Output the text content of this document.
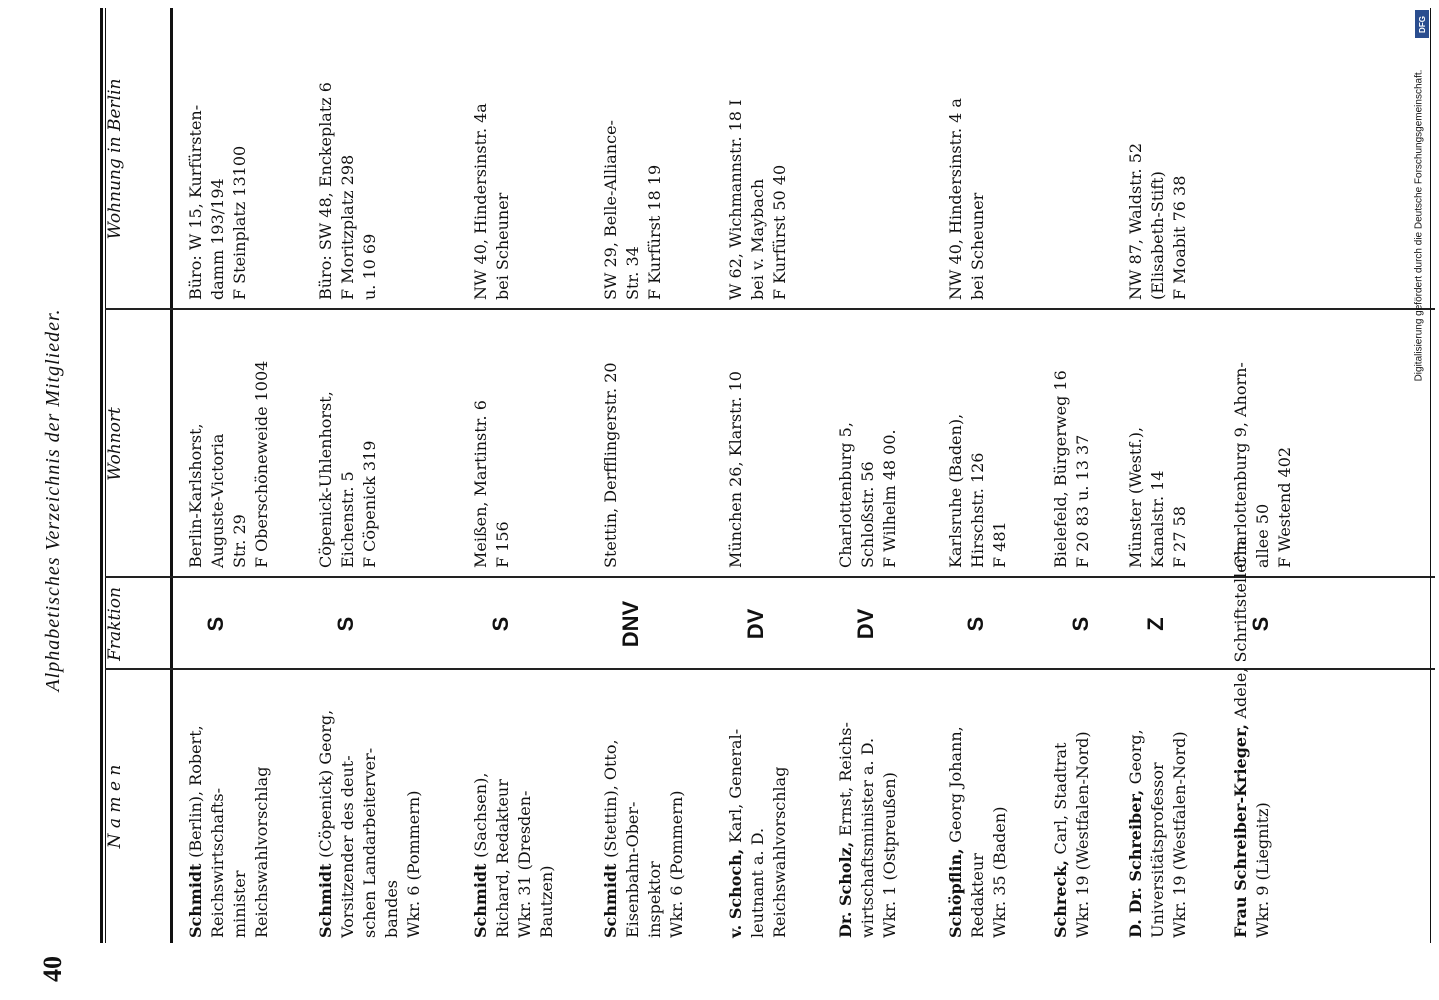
40
Alphabetisches Verzeichnis der Mitglieder.
N a m e n
Fraktion
Wohnort
Wohnung in Berlin
Schmidt (Berlin), Robert, Reichswirtschafts- minister Reichswahlvorschlag
S
Berlin-Karlshorst, Auguste-Victoria Str. 29 F Oberschöneweide 1004
Büro: W 15, Kurfürsten- damm 193/194 F Steinplatz 13100
Schmidt (Cöpenick) Georg, Vorsitzender des deut- schen Landarbeiterver- bandes Wkr. 6 (Pommern)
S
Cöpenick-Uhlenhorst, Eichenstr. 5 F Cöpenick 319
Büro: SW 48, Enckeplatz 6 F Moritzplatz 298 u. 10 69
Schmidt (Sachsen), Richard, Redakteur Wkr. 31 (Dresden- Bautzen)
S
Meißen, Martinstr. 6 F 156
NW 40, Hindersinstr. 4a bei Scheuner
Schmidt (Stettin), Otto,
Eisenbahn-Ober- inspektor Wkr. 6 (Pommern)
DNV
Stettin, Derfflingerstr. 20
SW 29, Belle-Alliance- Str. 34 F Kurfürst 18 19
v. Schoch, Karl, General-
leutnant a. D. Reichswahlvorschlag
DV
München 26, Klarstr. 10
W 62, Wichmannstr. 18 I bei v. Maybach F Kurfürst 50 40
Dr. Scholz, Ernst, Reichs- wirtschaftsminister a. D. Wkr. 1 (Ostpreußen)
DV
Charlottenburg 5, Schloßstr. 56 F Wilhelm 48 00.
Schöpflin, Georg Johann,
Redakteur Wkr. 35 (Baden)
S
Karlsruhe (Baden), Hirschstr. 126 F 481
NW 40, Hindersinstr. 4 a bei Scheuner
Schreck, Carl, Stadtrat Wkr. 19 (Westfalen-Nord)
S
Bielefeld, Bürgerweg 16 F 20 83 u. 13 37
D. Dr. Schreiber, Georg,
Universitätsprofessor Wkr. 19 (Westfalen-Nord)
Z
Münster (Westf.), Kanalstr. 14 F 27 58
NW 87, Waldstr. 52 (Elisabeth-Stift) F Moabit 76 38
Frau Schreiber-Krieger, Adele, Schriftstellerin
Wkr. 9 (Liegnitz)
S
Charlottenburg 9, Ahorn- allee 50 F Westend 402
DFG
Digitalisierung gefördert durch die Deutsche Forschungsgemeinschaft.
